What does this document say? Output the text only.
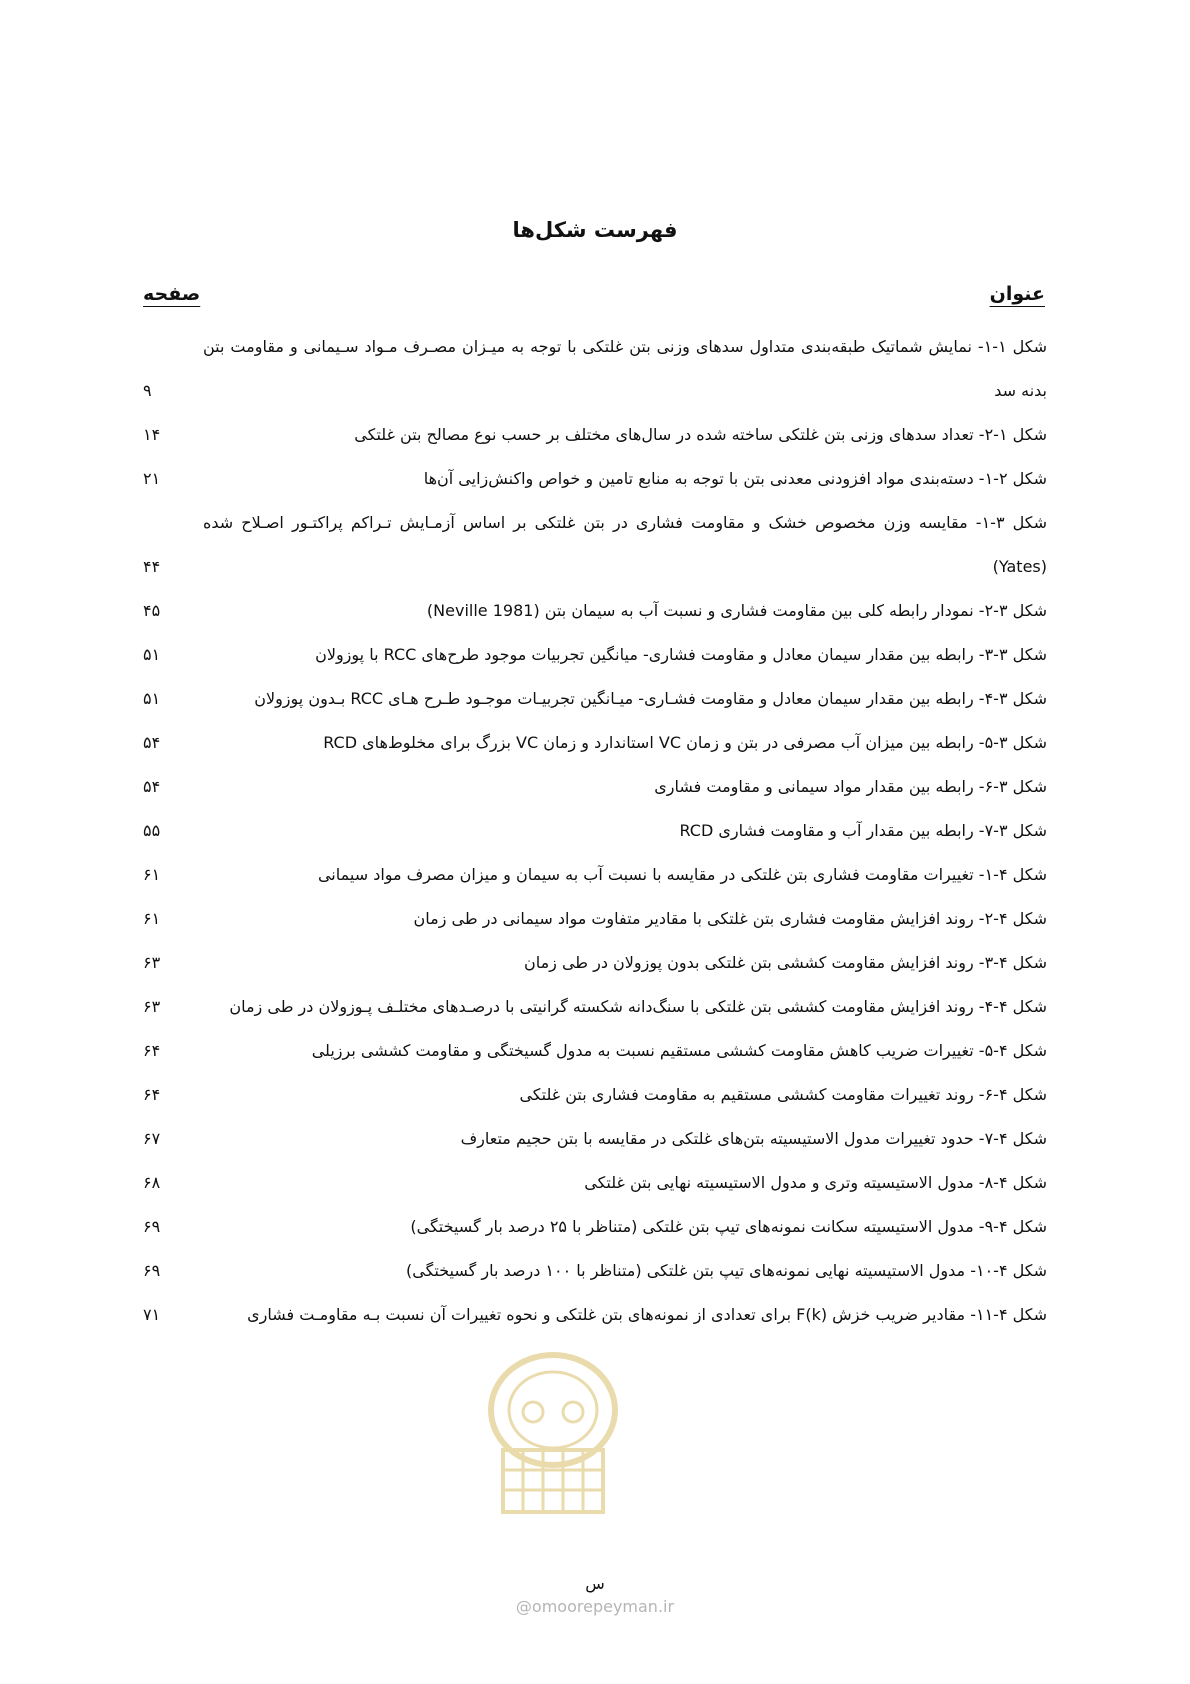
فهرست شکل‌ها
عنوان
صفحه
شکل ۱-۱- نمایش شماتیک طبقه‌بندی متداول سدهای وزنی بتن غلتکی با توجه به میـزان مصـرف مـواد سـیمانی و مقاومت بتن بدنه سد
۹
شکل ۱-۲- تعداد سدهای وزنی بتن غلتکی ساخته شده در سال‌های مختلف بر حسب نوع مصالح بتن غلتکی
۱۴
شکل ۲-۱- دسته‌بندی مواد افزودنی معدنی بتن با توجه به منابع تامین و خواص واکنش‌زایی آن‌ها
۲۱
شکل ۳-۱- مقایسه وزن مخصوص خشک و مقاومت فشاری در بتن غلتکی بر اساس آزمـایش تـراکم پراکتـور اصـلاح شده (Yates)
۴۴
شکل ۳-۲- نمودار رابطه کلی بین مقاومت فشاری و نسبت آب به سیمان بتن (Neville 1981)
۴۵
شکل ۳-۳- رابطه بین مقدار سیمان معادل و مقاومت فشاری- میانگین تجربیات موجود طرح‌های RCC با پوزولان
۵۱
شکل ۳-۴- رابطه بین مقدار سیمان معادل و مقاومت فشـاری- میـانگین تجربیـات موجـود طـرح هـای RCC بـدون پوزولان
۵۱
شکل ۳-۵- رابطه بین میزان آب مصرفی در بتن و زمان VC استاندارد و زمان VC بزرگ برای مخلوط‌های RCD
۵۴
شکل ۳-۶- رابطه بین مقدار مواد سیمانی و مقاومت فشاری
۵۴
شکل ۳-۷- رابطه بین مقدار آب و مقاومت فشاری RCD
۵۵
شکل ۴-۱- تغییرات مقاومت فشاری بتن غلتکی در مقایسه با نسبت آب به سیمان و میزان مصرف مواد سیمانی
۶۱
شکل ۴-۲- روند افزایش مقاومت فشاری بتن غلتکی با مقادیر متفاوت مواد سیمانی در طی زمان
۶۱
شکل ۴-۳- روند افزایش مقاومت کششی بتن غلتکی بدون پوزولان در طی زمان
۶۳
شکل ۴-۴- روند افزایش مقاومت کششی بتن غلتکی با سنگ‌دانه شکسته گرانیتی با درصـدهای مختلـف پـوزولان در طی زمان
۶۳
شکل ۴-۵- تغییرات ضریب کاهش مقاومت کششی مستقیم نسبت به مدول گسیختگی و مقاومت کششی برزیلی
۶۴
شکل ۴-۶- روند تغییرات مقاومت کششی مستقیم به مقاومت فشاری بتن غلتکی
۶۴
شکل ۴-۷- حدود تغییرات مدول الاستیسیته بتن‌های غلتکی در مقایسه با بتن حجیم متعارف
۶۷
شکل ۴-۸- مدول الاستیسیته وتری و مدول الاستیسیته نهایی بتن غلتکی
۶۸
شکل ۴-۹- مدول الاستیسیته سکانت نمونه‌های تیپ بتن غلتکی (متناظر با ۲۵ درصد بار گسیختگی)
۶۹
شکل ۴-۱۰- مدول الاستیسیته نهایی نمونه‌های تیپ بتن غلتکی (متناظر با ۱۰۰ درصد بار گسیختگی)
۶۹
شکل ۴-۱۱- مقادیر ضریب خزش F(k) برای تعدادی از نمونه‌های بتن غلتکی و نحوه تغییرات آن نسبت بـه مقاومـت فشاری
۷۱
س
@omoorepeyman.ir
